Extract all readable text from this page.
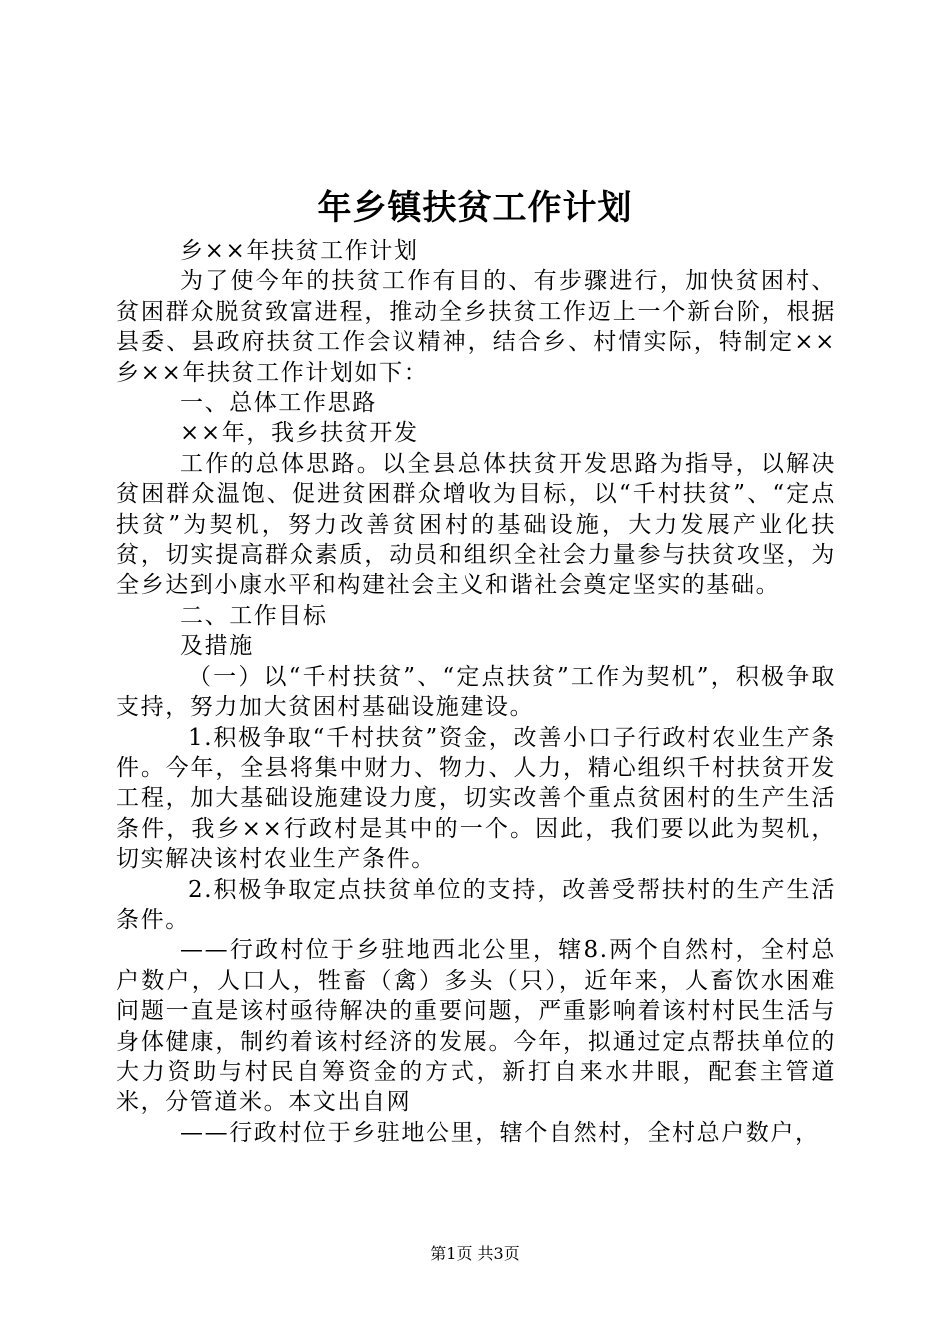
年乡镇扶贫工作计划

乡××年扶贫工作计划

为了使今年的扶贫工作有目的、有步骤进行，加快贫困村、贫困群众脱贫致富进程，推动全乡扶贫工作迈上一个新台阶，根据县委、县政府扶贫工作会议精神，结合乡、村情实际，特制定××乡××年扶贫工作计划如下：

一、总体工作思路

××年，我乡扶贫开发

工作的总体思路。以全县总体扶贫开发思路为指导，以解决贫困群众温饱、促进贫困群众增收为目标，以“千村扶贫”、“定点扶贫”为契机，努力改善贫困村的基础设施，大力发展产业化扶贫，切实提高群众素质，动员和组织全社会力量参与扶贫攻坚，为全乡达到小康水平和构建社会主义和谐社会奠定坚实的基础。

二、工作目标

及措施

（一）以“千村扶贫”、“定点扶贫”工作为契机”，积极争取支持，努力加大贫困村基础设施建设。

1.积极争取“千村扶贫”资金，改善小口子行政村农业生产条件。今年，全县将集中财力、物力、人力，精心组织千村扶贫开发工程，加大基础设施建设力度，切实改善个重点贫困村的生产生活条件，我乡××行政村是其中的一个。因此，我们要以此为契机，切实解决该村农业生产条件。

2.积极争取定点扶贫单位的支持，改善受帮扶村的生产生活条件。

——行政村位于乡驻地西北公里，辖8.两个自然村，全村总户数户，人口人，牲畜（禽）多头（只），近年来，人畜饮水困难问题一直是该村亟待解决的重要问题，严重影响着该村村民生活与身体健康，制约着该村经济的发展。今年，拟通过定点帮扶单位的大力资助与村民自筹资金的方式，新打自来水井眼，配套主管道米，分管道米。本文出自网

——行政村位于乡驻地公里，辖个自然村，全村总户数户，

第1页 共3页
